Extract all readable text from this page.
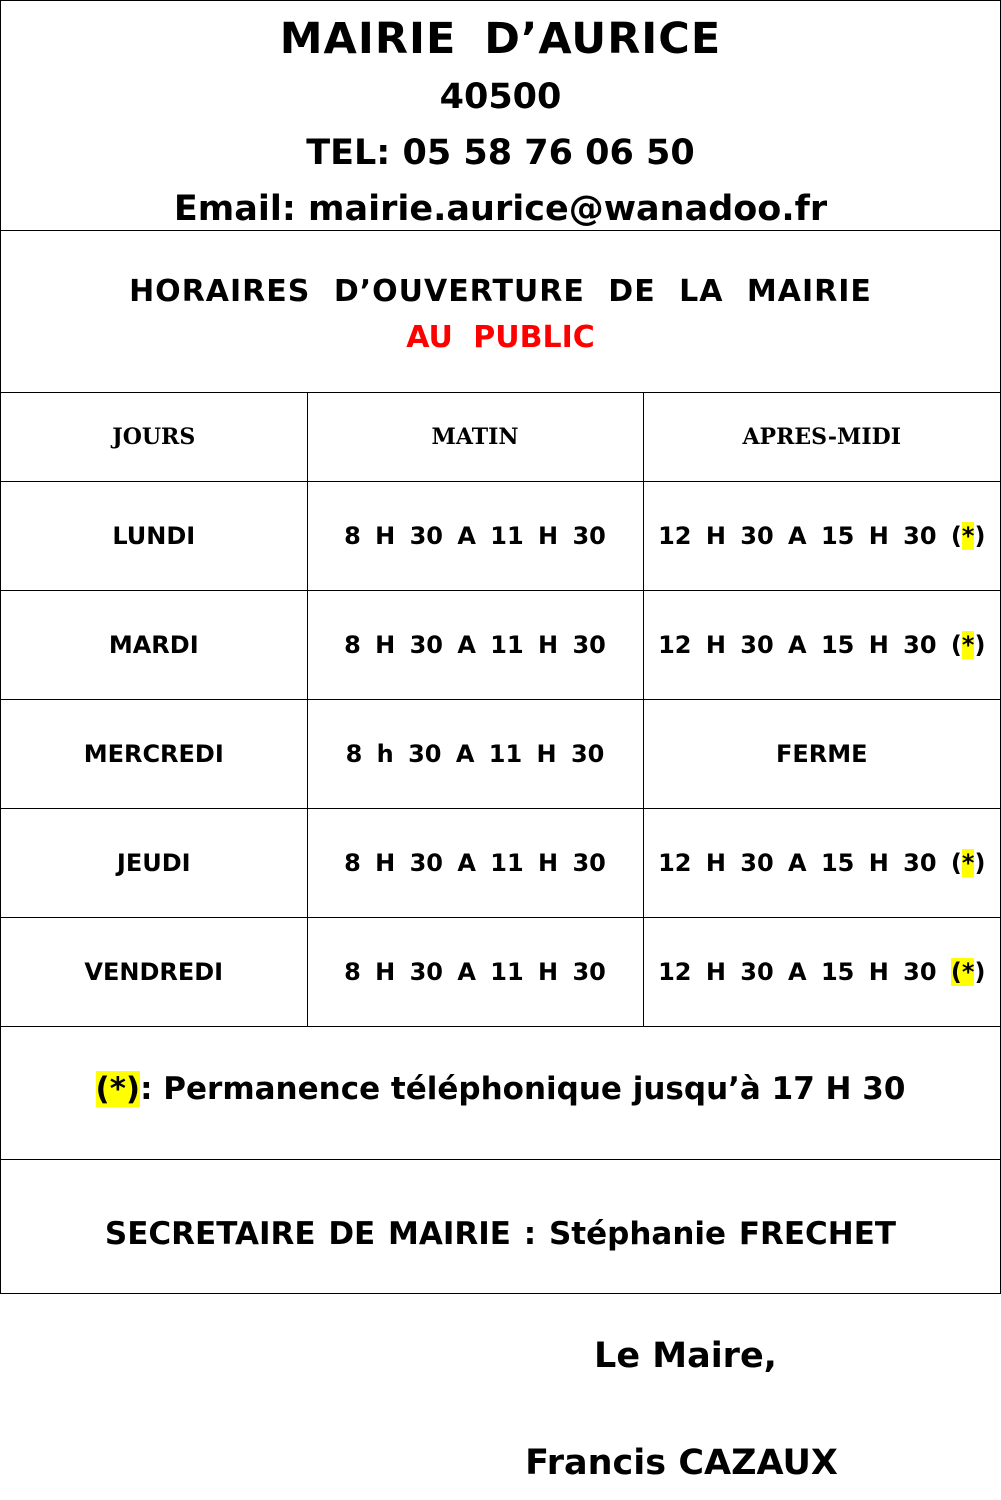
MAIRIE D’AURICE
40500
TEL: 05 58 76 06 50
Email: mairie.aurice@wanadoo.fr
HORAIRES D’OUVERTURE DE LA MAIRIE
AU PUBLIC
JOURS	MATIN	APRES-MIDI
LUNDI	8 H 30 A 11 H 30	12 H 30 A 15 H 30 (*)
MARDI	8 H 30 A 11 H 30	12 H 30 A 15 H 30 (*)
MERCREDI	8 h 30 A 11 H 30	FERME
JEUDI	8 H 30 A 11 H 30	12 H 30 A 15 H 30 (*)
VENDREDI	8 H 30 A 11 H 30	12 H 30 A 15 H 30 (*)
(*): Permanence téléphonique jusqu’à 17 H 30
SECRETAIRE DE MAIRIE : Stéphanie FRECHET
Le Maire,
Francis CAZAUX
